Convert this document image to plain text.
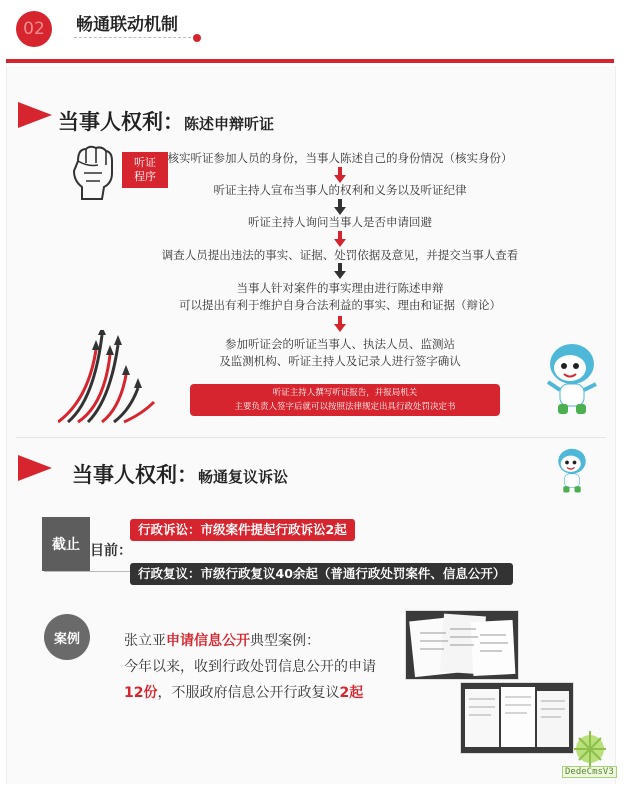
02 畅通联动机制
当事人权利：陈述申辩听证
听证
程序
核实听证参加人员的身份，当事人陈述自己的身份情况（核实身份）
听证主持人宣布当事人的权利和义务以及听证纪律
听证主持人询问当事人是否申请回避
调查人员提出违法的事实、证据、处罚依据及意见，并提交当事人查看
当事人针对案件的事实理由进行陈述申辩
可以提出有利于维护自身合法利益的事实、理由和证据（辩论）
参加听证会的听证当事人、执法人员、监测站
及监测机构、听证主持人及记录人进行签字确认
听证主持人撰写听证报告，并报局机关
主要负责人签字后就可以按照法律规定出具行政处罚决定书
当事人权利：畅通复议诉讼
截止 目前：
行政诉讼：市级案件提起行政诉讼2起
行政复议：市级行政复议40余起（普通行政处罚案件、信息公开）
案例	张立亚申请信息公开典型案例：
今年以来，收到行政处罚信息公开的申请
12份，不服政府信息公开行政复议2起
DedeCmsV3
